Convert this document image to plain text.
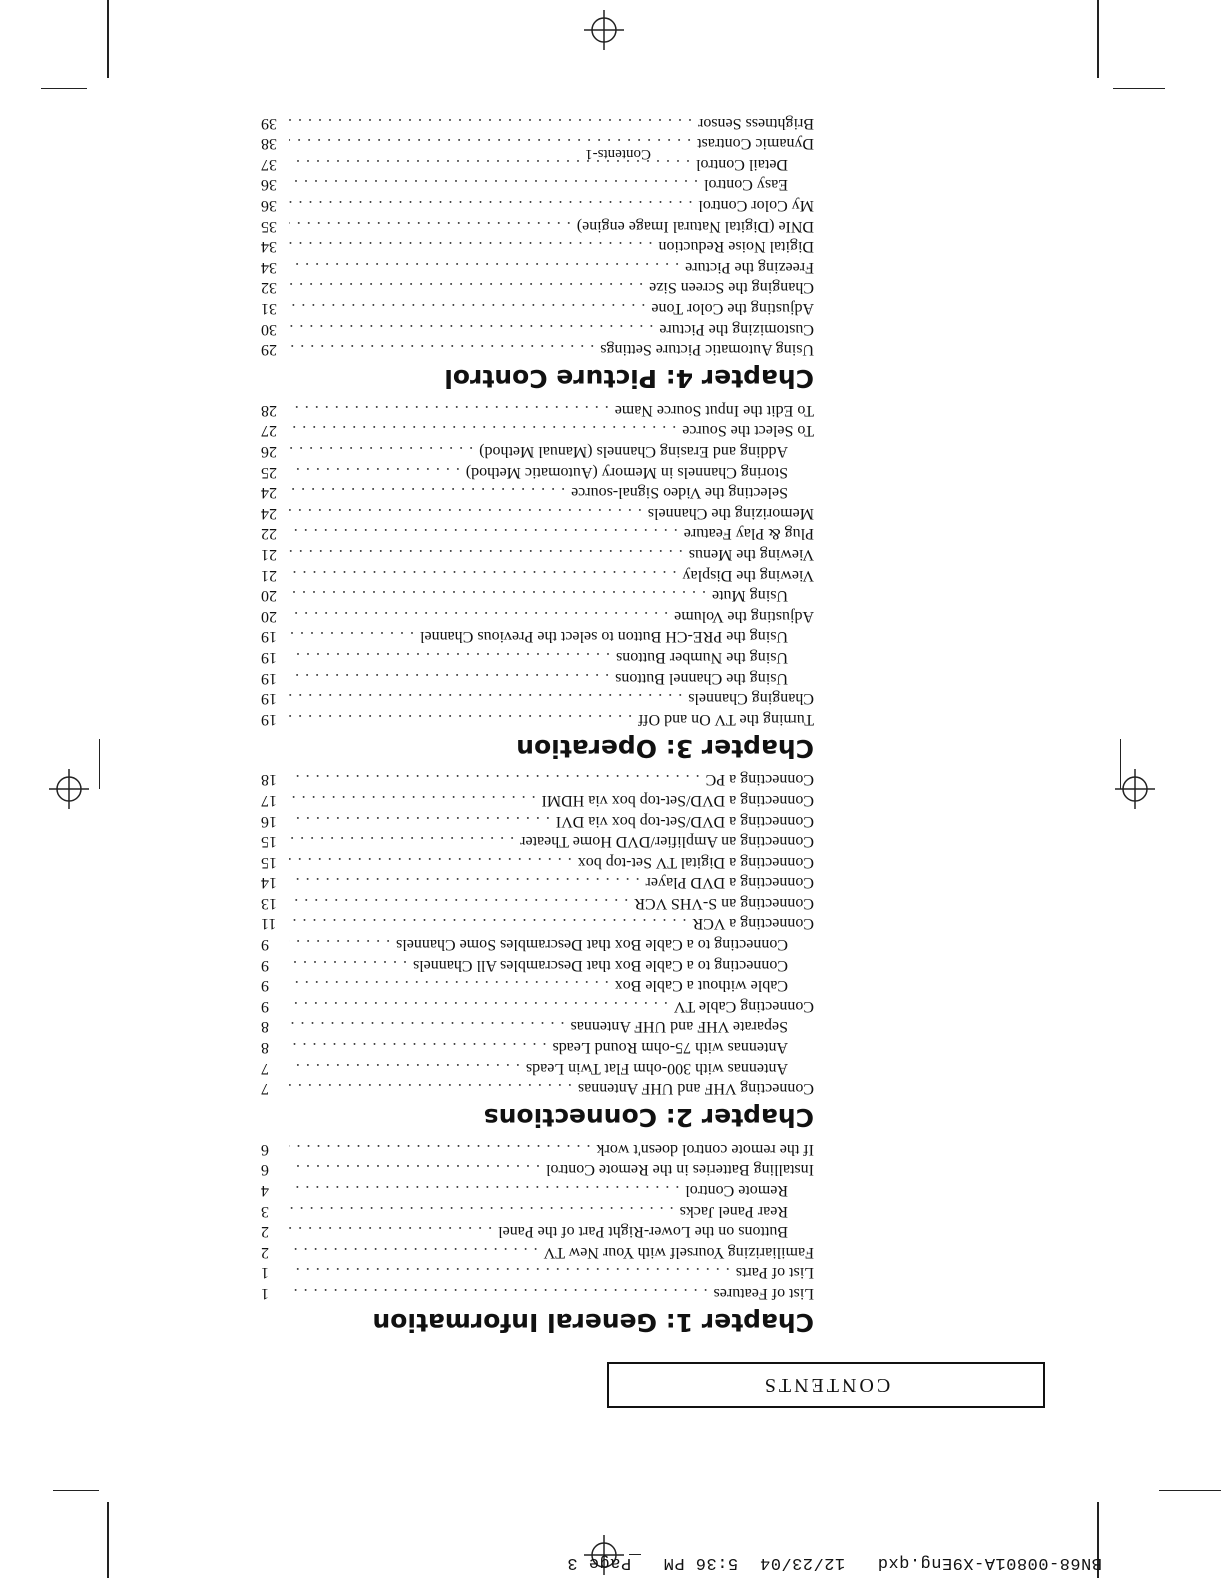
BN68-00801A-X9Eng.qxd   12/23/04  5:36 PM   Page 3
CONTENTS
Chapter 1: General Information
List of Features
. . .
1
List of Parts
. . .
1
Familiarizing Yourself with Your New TV
. . .
2
Buttons on the Lower-Right Part of the Panel
. . .
2
Rear Panel Jacks
. . .
3
Remote Control
. . .
4
Installing Batteries in the Remote Control
. . .
6
If the remote control doesn't work
. . .
6
Chapter 2: Connections
Connecting VHF and UHF Antennas
. . .
7
Antennas with 300-ohm Flat Twin Leads
. . .
7
Antennas with 75-ohm Round Leads
. . .
8
Separate VHF and UHF Antennas
. . .
8
Connecting Cable TV
. . .
9
Cable without a Cable Box
. . .
9
Connecting to a Cable Box that Descrambles All Channels
. . .
9
Connecting to a Cable Box that Descrambles Some Channels
. . .
9
Connecting a VCR
. . .
11
Connecting an S-VHS VCR
. . .
13
Connecting a DVD Player
. . .
14
Connecting a Digital TV Set-top box
. . .
15
Connecting an Amplifier/DVD Home Theater
. . .
15
Connecting a DVD/Set-top box via DVI
. . .
16
Connecting a DVD/Set-top box via HDMI
. . .
17
Connecting a PC
. . .
18
Chapter 3: Operation
Turning the TV On and Off
. . .
19
Changing Channels
. . .
19
Using the Channel Buttons
. . .
19
Using the Number Buttons
. . .
19
Using the PRE-CH Button to select the Previous Channel
. . .
19
Adjusting the Volume
. . .
20
Using Mute
. . .
20
Viewing the Display
. . .
21
Viewing the Menus
. . .
21
Plug & Play Feature
. . .
22
Memorizing the Channels
. . .
24
Selecting the Video Signal-source
. . .
24
Storing Channels in Memory (Automatic Method)
. . .
25
Adding and Erasing Channels (Manual Method)
. . .
26
To Select the Source
. . .
27
To Edit the Input Source Name
. . .
28
Chapter 4: Picture Control
Using Automatic Picture Settings
. . .
29
Customizing the Picture
. . .
30
Adjusting the Color Tone
. . .
31
Changing the Screen Size
. . .
32
Freezing the Picture
. . .
34
Digital Noise Reduction
. . .
34
DNIe (Digital Natural Image engine)
. . .
35
My Color Control
. . .
36
Easy Control
. . .
36
Detail Control
. . .
37
Dynamic Contrast
. . .
38
Brightness Sensor
. . .
39
Contents-1
